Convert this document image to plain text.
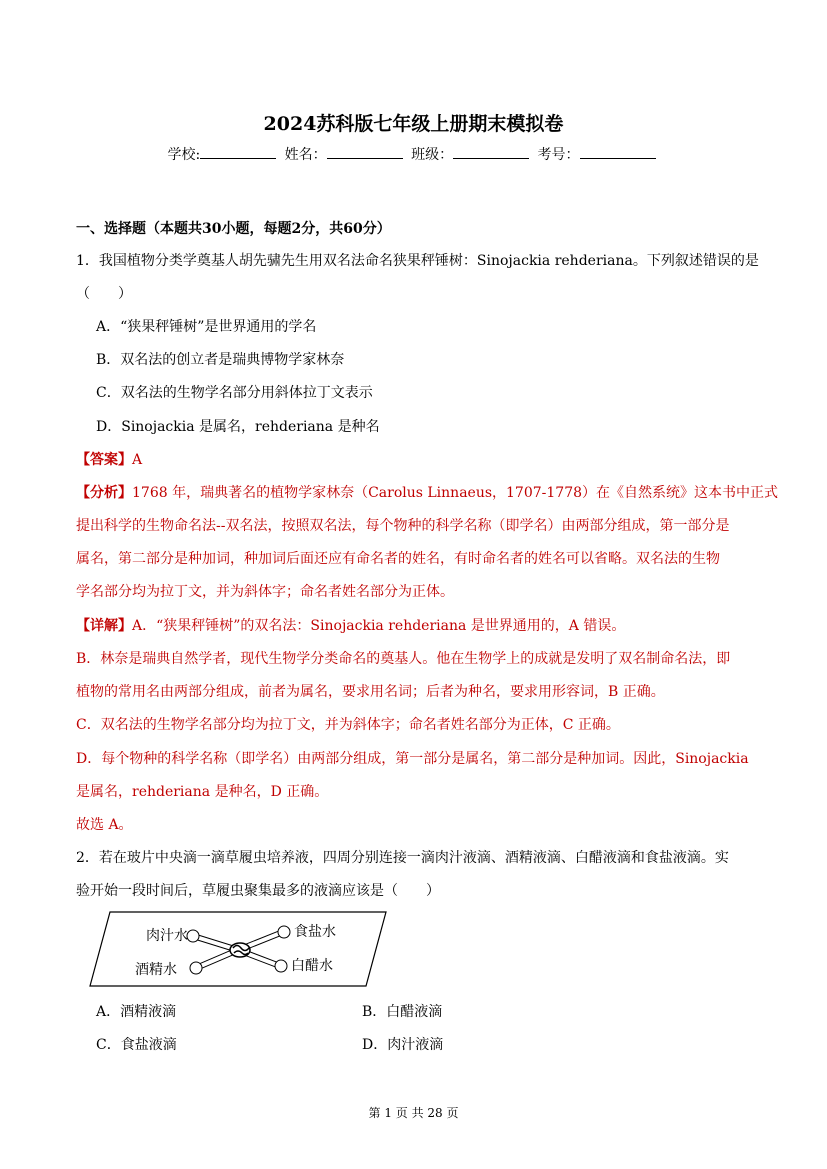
2024苏科版七年级上册期末模拟卷
学校:	姓名：	班级：	考号：
一、选择题（本题共30小题，每题2分，共60分）
1．我国植物分类学奠基人胡先骕先生用双名法命名狭果秤锤树：Sinojackia rehderiana。下列叙述错误的是
（　　）
A．“狭果秤锤树”是世界通用的学名
B．双名法的创立者是瑞典博物学家林奈
C．双名法的生物学名部分用斜体拉丁文表示
D．Sinojackia 是属名，rehderiana 是种名
【答案】A
【分析】1768 年，瑞典著名的植物学家林奈（Carolus Linnaeus，1707-1778）在《自然系统》这本书中正式
提出科学的生物命名法--双名法，按照双名法，每个物种的科学名称（即学名）由两部分组成，第一部分是
属名，第二部分是种加词，种加词后面还应有命名者的姓名，有时命名者的姓名可以省略。双名法的生物
学名部分均为拉丁文，并为斜体字；命名者姓名部分为正体。
【详解】A．“狭果秤锤树”的双名法：Sinojackia rehderiana 是世界通用的，A 错误。
B．林奈是瑞典自然学者，现代生物学分类命名的奠基人。他在生物学上的成就是发明了双名制命名法，即
植物的常用名由两部分组成，前者为属名，要求用名词；后者为种名，要求用形容词，B 正确。
C．双名法的生物学名部分均为拉丁文，并为斜体字；命名者姓名部分为正体，C 正确。
D．每个物种的科学名称（即学名）由两部分组成，第一部分是属名，第二部分是种加词。因此，Sinojackia
是属名，rehderiana 是种名，D 正确。
故选 A。
2．若在玻片中央滴一滴草履虫培养液，四周分别连接一滴肉汁液滴、酒精液滴、白醋液滴和食盐液滴。实
验开始一段时间后，草履虫聚集最多的液滴应该是（　　）
肉汁水	食盐水
酒精水	白醋水
A．酒精液滴	B．白醋液滴
C．食盐液滴	D．肉汁液滴
第 1 页 共 28 页
